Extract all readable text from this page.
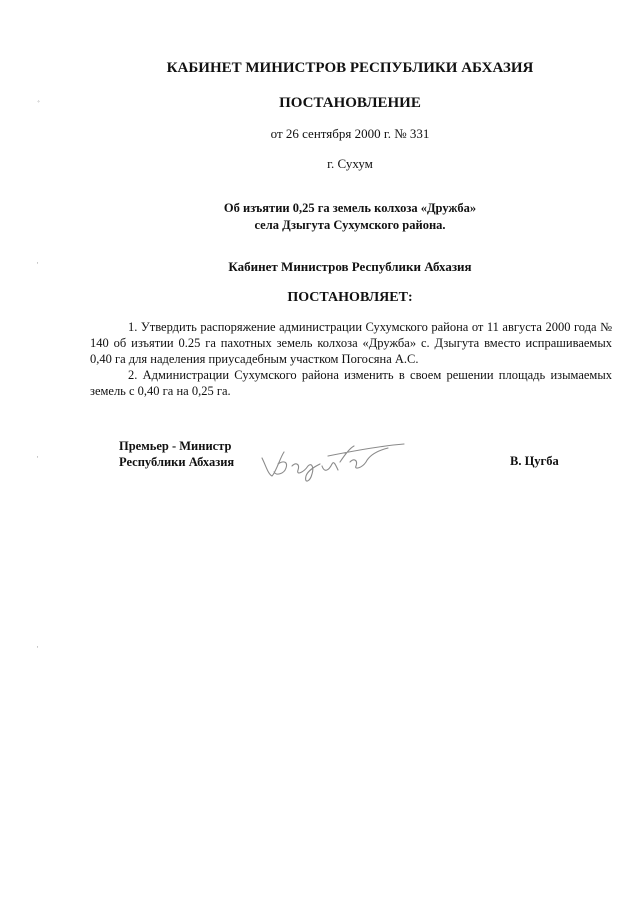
КАБИНЕТ МИНИСТРОВ РЕСПУБЛИКИ АБХАЗИЯ
ПОСТАНОВЛЕНИЕ
от 26 сентября 2000 г. № 331
г. Сухум
Об изъятии 0,25 га земель колхоза «Дружба»
села Дзыгута Сухумского района.
Кабинет Министров Республики Абхазия
ПОСТАНОВЛЯЕТ:

1. Утвердить распоряжение администрации Сухумского района от 11 августа 2000 года № 140 об изъятии 0.25 га пахотных земель колхоза «Дружба» с. Дзыгута вместо испрашиваемых 0,40 га для наделения приусадебным участком Погосяна А.С.

2. Администрации Сухумского района изменить в своем решении площадь изымаемых земель с 0,40 га на 0,25 га.

Премьер - Министр
Республики Абхазия	В. Цугба
ﾞ
·
·
·
